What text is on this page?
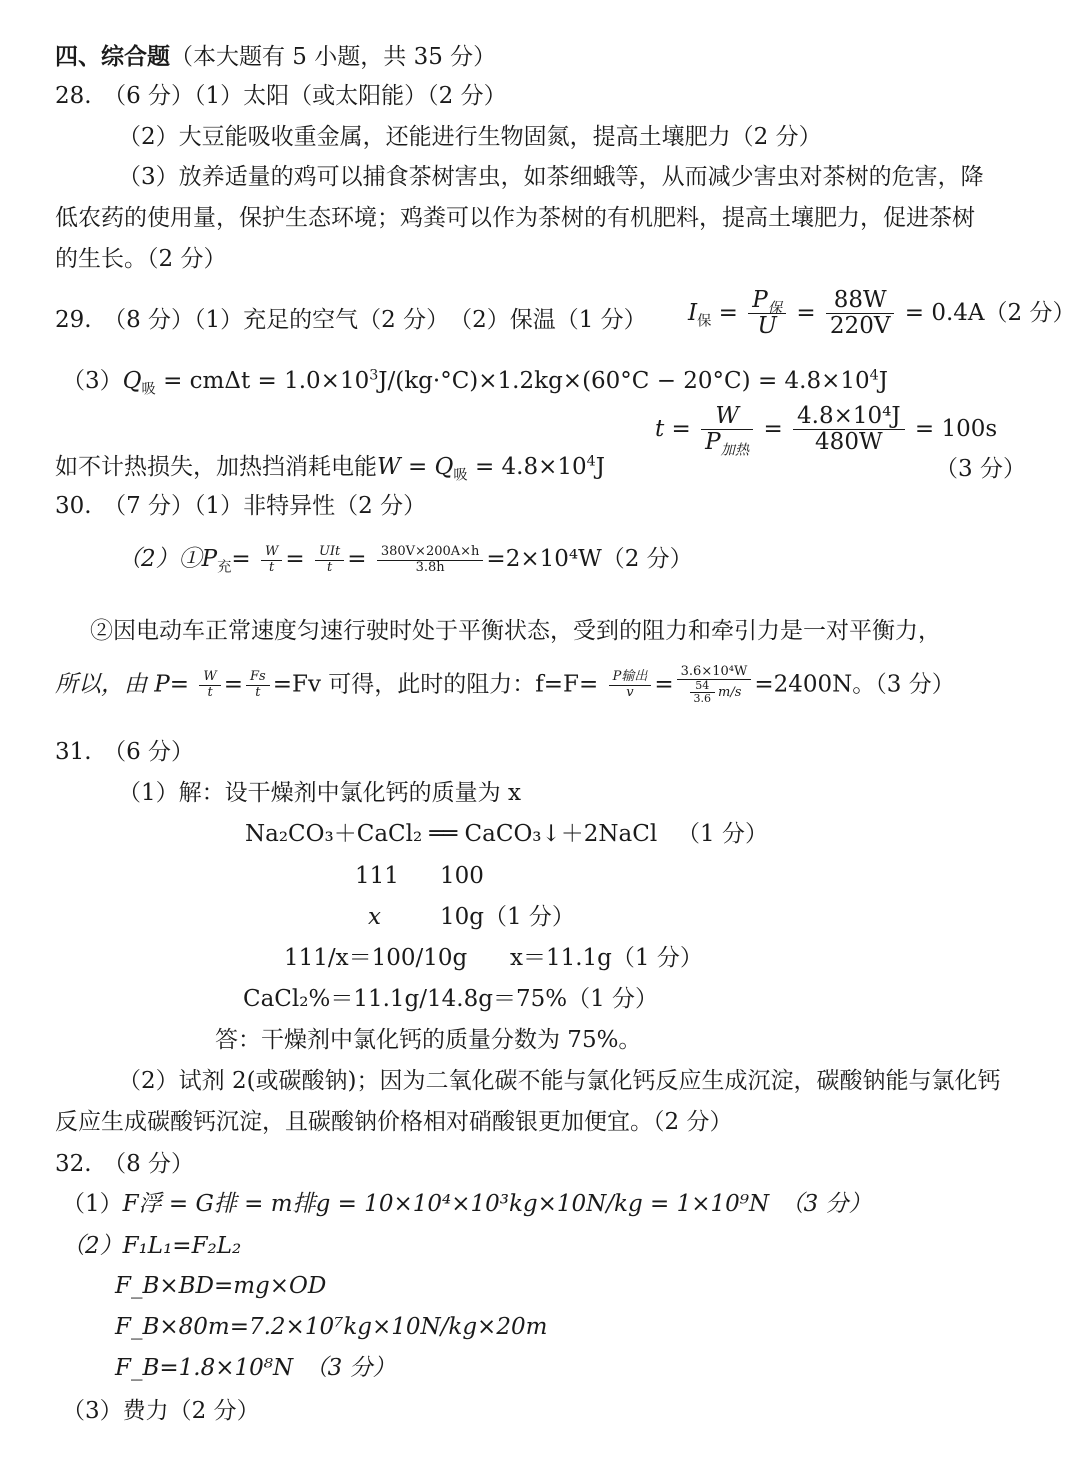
四、综合题（本大题有 5 小题，共 35 分）
28.　（6 分）（1）太阳（或太阳能）（2 分）
（2）大豆能吸收重金属，还能进行生物固氮，提高土壤肥力（2 分）
（3）放养适量的鸡可以捕食茶树害虫，如茶细蛾等，从而减少害虫对茶树的危害，降
低农药的使用量，保护生态环境；鸡粪可以作为茶树的有机肥料，提高土壤肥力，促进茶树
的生长。（2 分）
29.　（8 分）（1）充足的空气（2 分）　（2）保温（1 分） $I_保 = \frac{P_保}{U} = \frac{88W}{220V} = 0.4A(2$ 分）
$(3)Q_吸 = cm\Delta t = 1.0\times 10^3J/(kg\cdot^\circ C)\times 1.2kg\times(60^\circ C - 20^\circ C) = 4.8\times 10^4J$
$t = \frac{W}{P_{加热}} = \frac{\text{4.8×10⁴J}}{480W} = 100s$
如不计热损失，加热挡消耗电能$W = Q_吸 = 4.8\times 10^4J$	（3 分）
30.　（7 分）（1）非特异性（2 分）
$(2)①P_充= \frac{W}{t} = \frac{\text{UIt}}{t} = \frac{380V\times 200A\times h}{3.8h} =2\times 10^4W(2$ 分）
②因电动车正常速度匀速行驶时处于平衡状态，受到的阻力和牵引力是一对平衡力，
所以，由 $P= \frac{W}{t} = \frac{Fs}{t} =Fv$ 可得，此时的阻力：$f=F= \frac{\text{P输出}}{v} = \frac{\text{3.6×10⁴W}}{\frac{54}{3.6} m/s} =2400N$。（3 分）
31.　（6 分）
（1）解：设干燥剂中氯化钙的质量为 x
Na₂CO₃＋CaCl₂ ══ CaCO₃↓＋2NaCl （1 分）
111 100
x	10g（1 分）
111/x＝100/10g x＝11.1g（1 分）
CaCl₂%＝11.1g/14.8g＝75%（1 分）
答：干燥剂中氯化钙的质量分数为 75%。
（2）试剂 2(或碳酸钠)；因为二氧化碳不能与氯化钙反应生成沉淀，碳酸钠能与氯化钙
反应生成碳酸钙沉淀，且碳酸钠价格相对硝酸银更加便宜。（2 分）
32.　（8 分）
（1）F浮 = G排 = m排g = 10×10⁴×10³kg×10N/kg = 1×10⁹N　（3 分）
（2）F₁L₁=F₂L₂
F_B×BD=mg×OD
F_B×80m=7.2×10⁷kg×10N/kg×20m
F_B=1.8×10⁸N　（3 分）
（3）费力（2 分）
